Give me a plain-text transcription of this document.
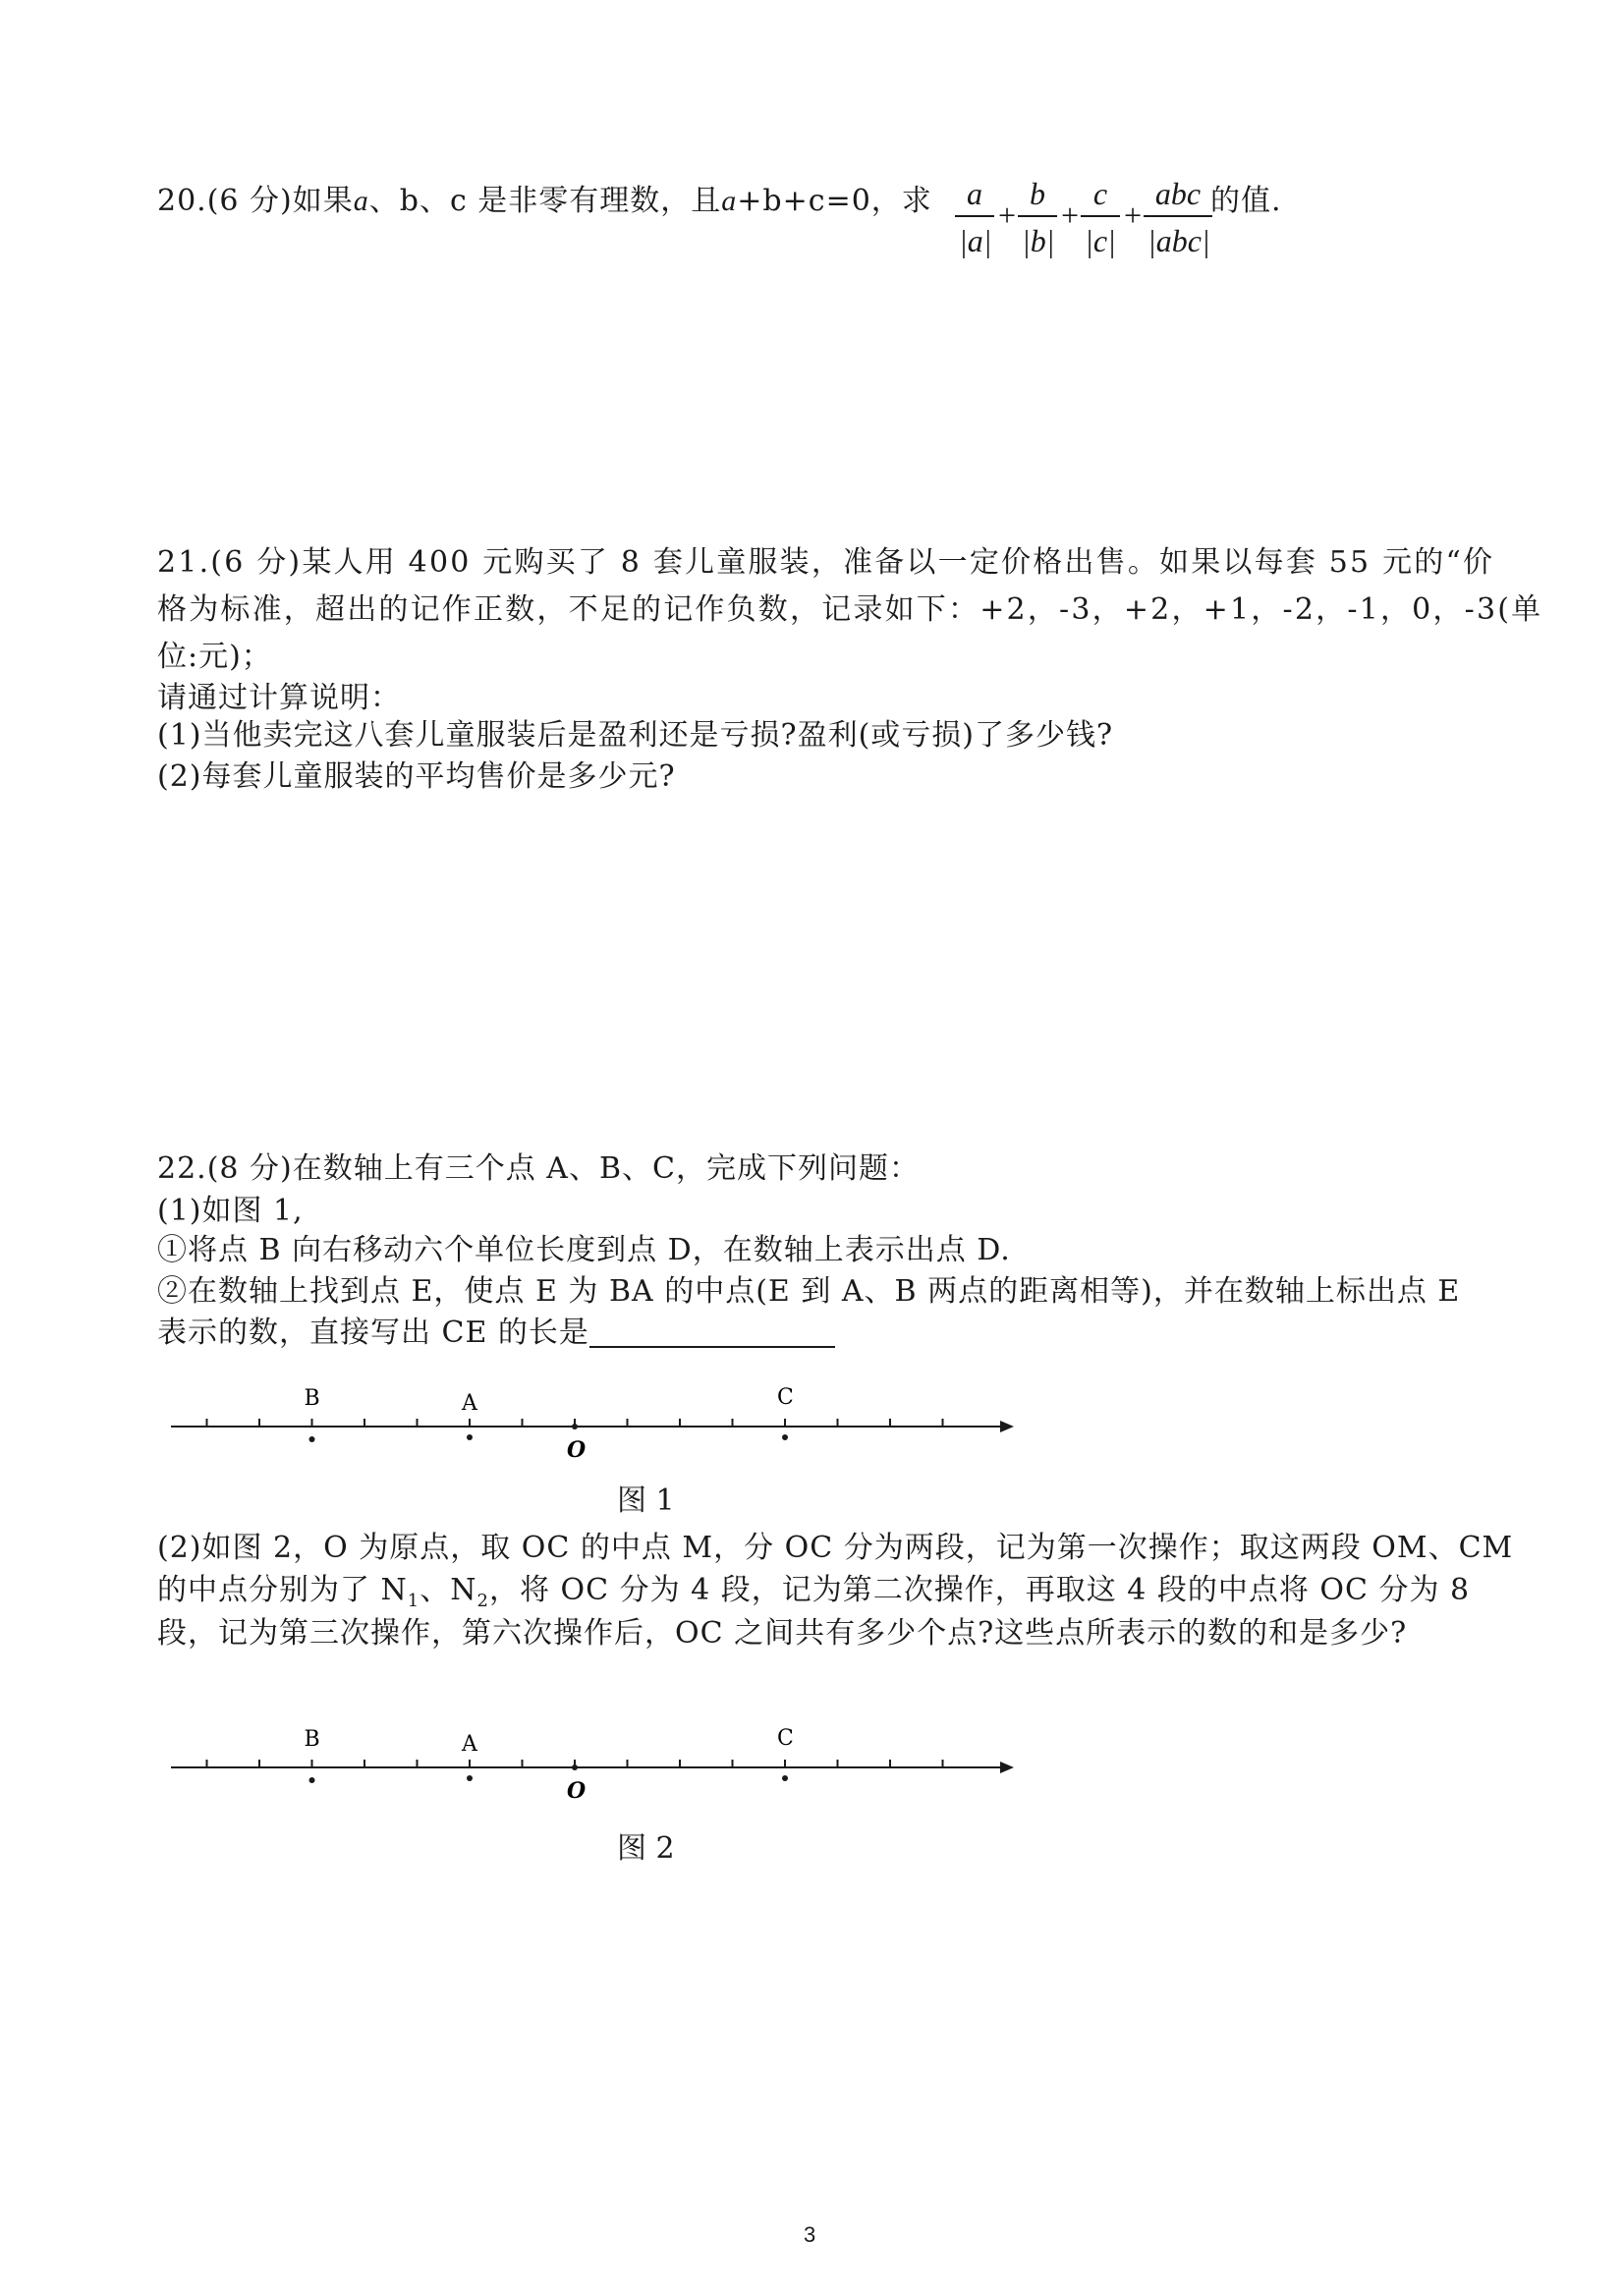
20.(6 分)如果a、b、c 是非零有理数，且a+b+c=0，求 $\frac{a}{|a|} + \frac{b}{|b|} + \frac{c}{|c|}$ +
abc
|abc|
的值.
21.(6 分)某人用 400 元购买了 8 套儿童服装，准备以一定价格出售。如果以每套 55 元的“价
格为标准，超出的记作正数，不足的记作负数，记录如下：+2，-3，+2，+1，-2，-1，0，-3(单
位:元)；
请通过计算说明：
(1)当他卖完这八套儿童服装后是盈利还是亏损?盈利(或亏损)了多少钱?
(2)每套儿童服装的平均售价是多少元?
22.(8 分)在数轴上有三个点 A、B、C，完成下列问题：
(1)如图 1,
①将点 B 向右移动六个单位长度到点 D，在数轴上表示出点 D.
②在数轴上找到点 E，使点 E 为 BA 的中点(E 到 A、B 两点的距离相等)，并在数轴上标出点 E
表示的数，直接写出 CE 的长是
B	A	C
O
图 1
(2)如图 2，O 为原点，取 OC 的中点 M，分 OC 分为两段，记为第一次操作；取这两段 OM、CM
的中点分别为了 $N_1$、$N_2$，将 OC 分为 4 段，记为第二次操作，再取这 4 段的中点将 OC 分为 8
段，记为第三次操作，第六次操作后，OC 之间共有多少个点?这些点所表示的数的和是多少?
B	A	C
O
图 2
3
